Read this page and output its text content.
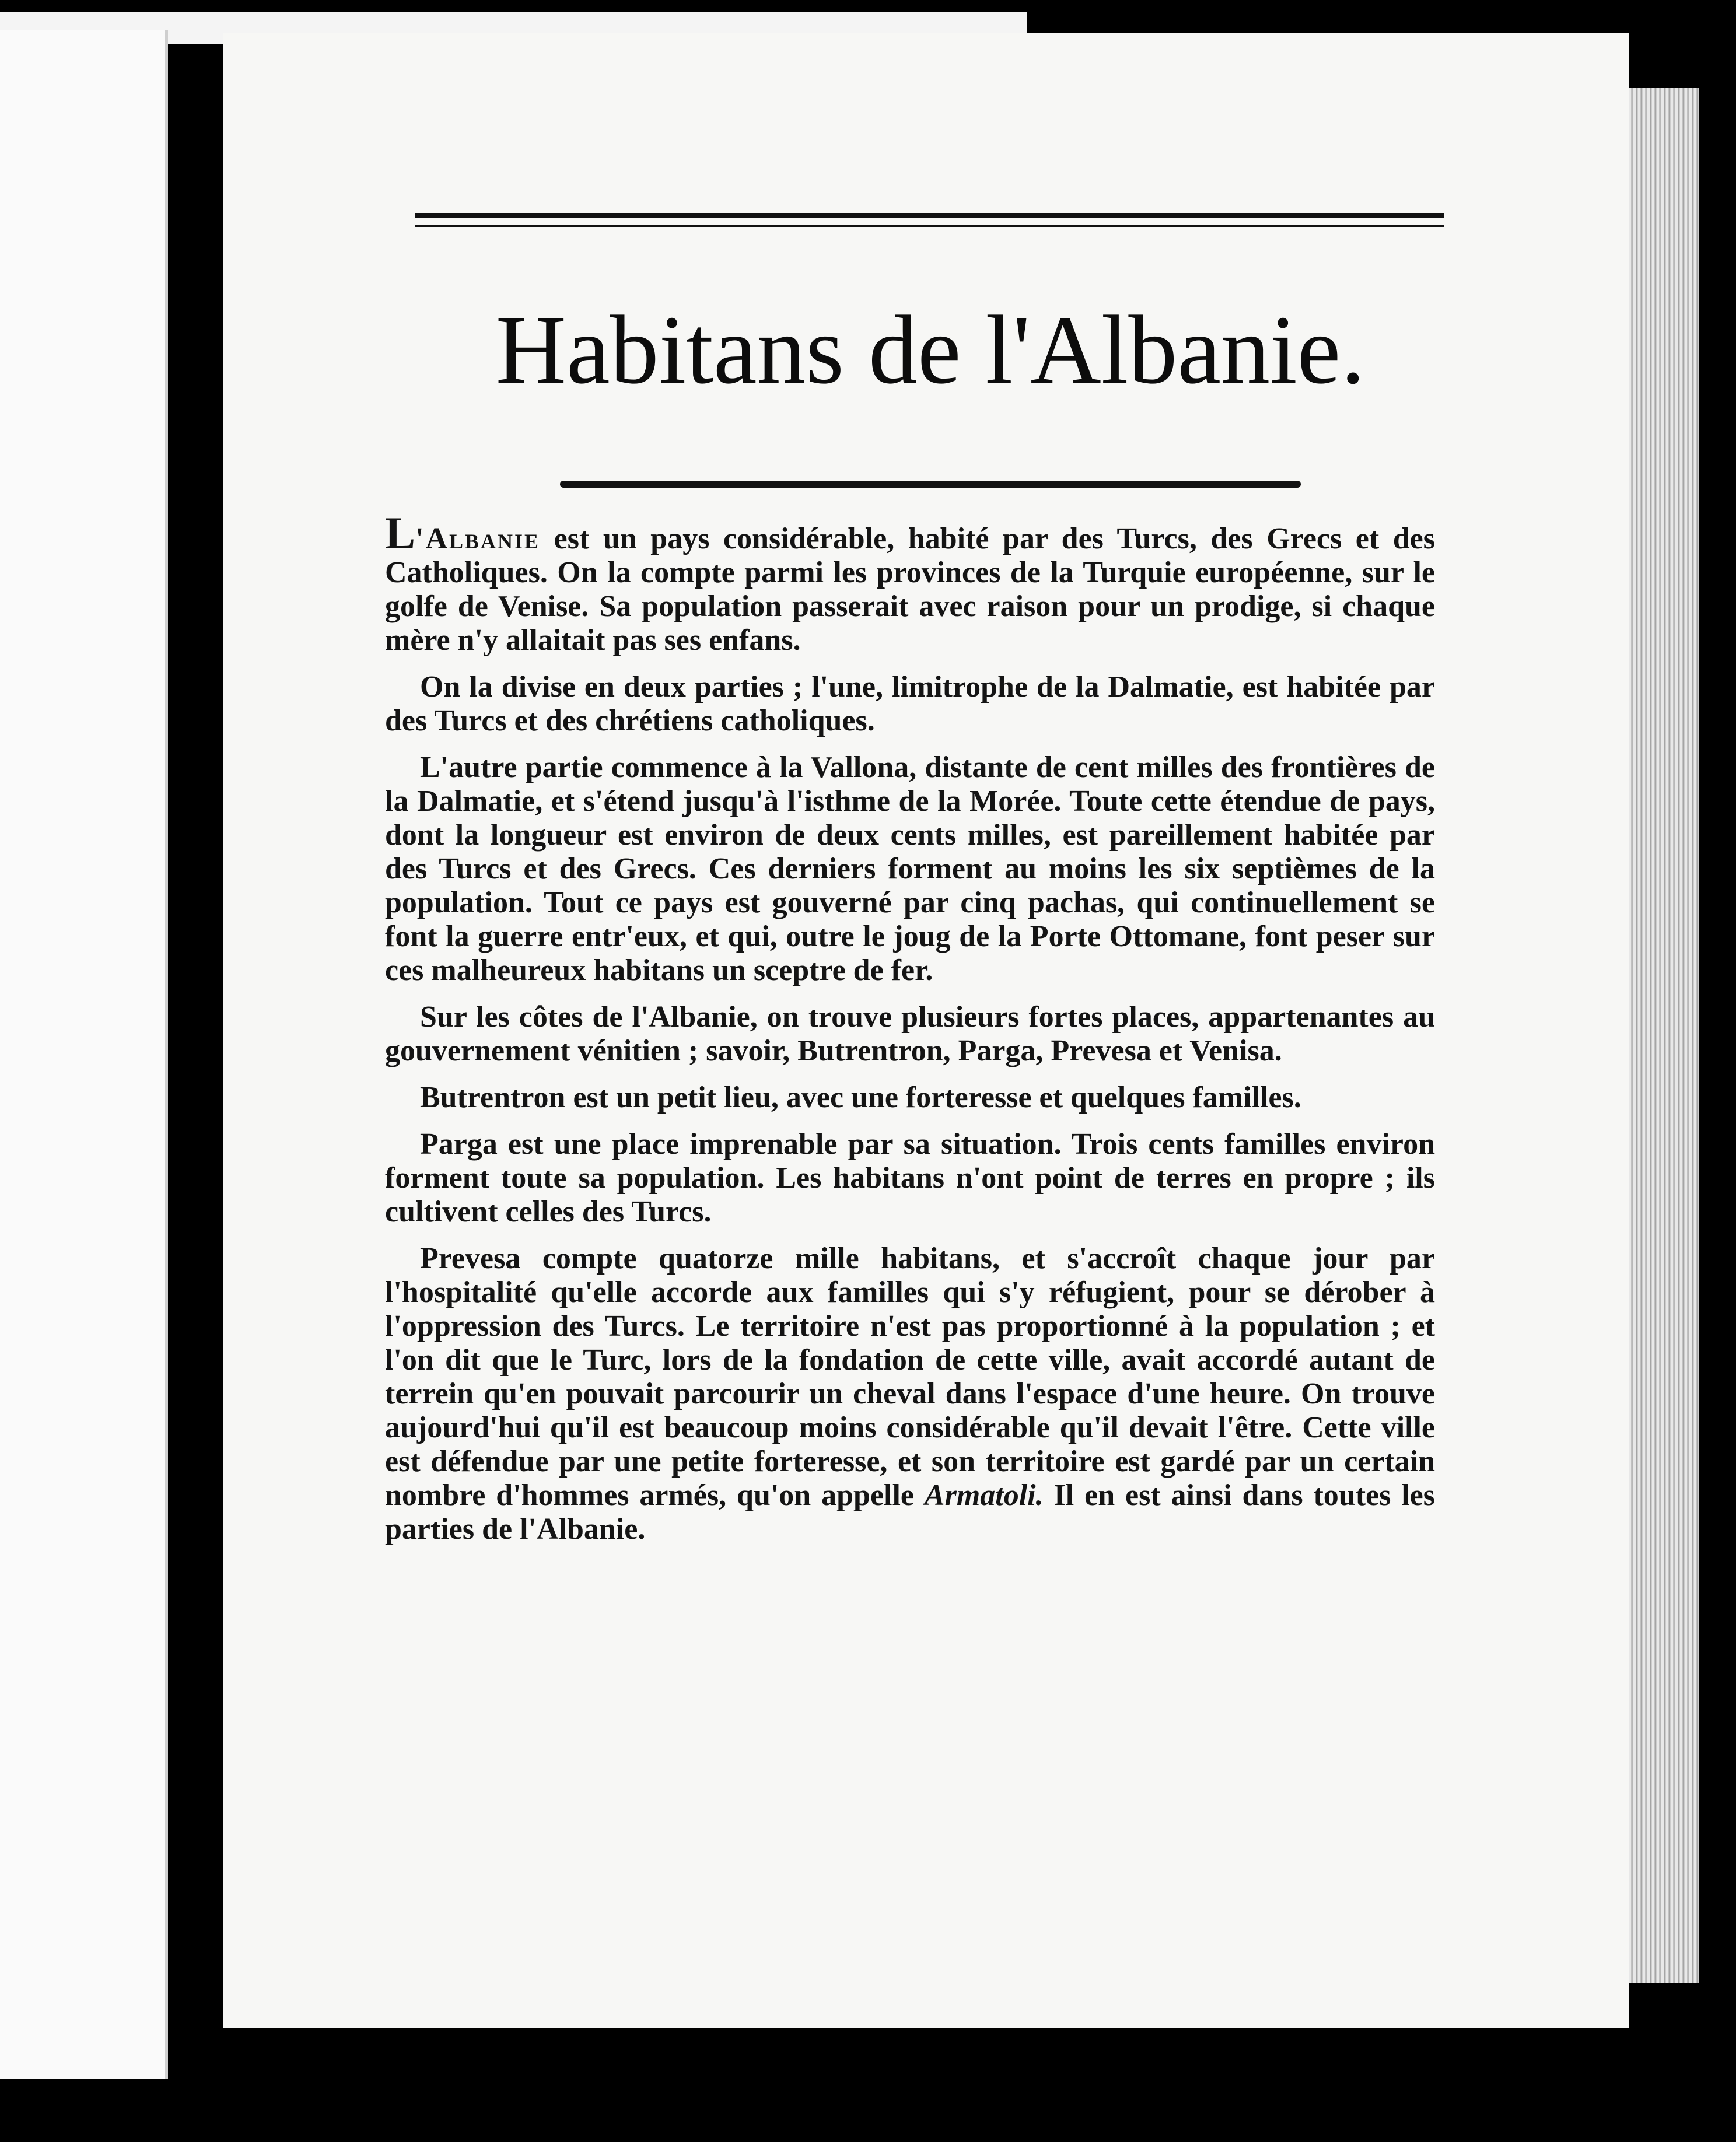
Habitans de l'Albanie.

L'Albanie est un pays considérable, habité par des Turcs, des Grecs et des Catholiques. On la compte parmi les provinces de la Turquie européenne, sur le golfe de Venise. Sa population passerait avec raison pour un prodige, si chaque mère n'y allaitait pas ses enfans.

On la divise en deux parties ; l'une, limitrophe de la Dalmatie, est habitée par des Turcs et des chrétiens catholiques.

L'autre partie commence à la Vallona, distante de cent milles des frontières de la Dalmatie, et s'étend jusqu'à l'isthme de la Morée. Toute cette étendue de pays, dont la longueur est environ de deux cents milles, est pareillement habitée par des Turcs et des Grecs. Ces derniers forment au moins les six septièmes de la population. Tout ce pays est gouverné par cinq pachas, qui continuellement se font la guerre entr'eux, et qui, outre le joug de la Porte Ottomane, font peser sur ces malheureux habitans un sceptre de fer.

Sur les côtes de l'Albanie, on trouve plusieurs fortes places, appartenantes au gouvernement vénitien ; savoir, Butrentron, Parga, Prevesa et Venisa.

Butrentron est un petit lieu, avec une forteresse et quelques familles.

Parga est une place imprenable par sa situation. Trois cents familles environ forment toute sa population. Les habitans n'ont point de terres en propre ; ils cultivent celles des Turcs.

Prevesa compte quatorze mille habitans, et s'accroît chaque jour par l'hospitalité qu'elle accorde aux familles qui s'y réfugient, pour se dérober à l'oppression des Turcs. Le territoire n'est pas proportionné à la population ; et l'on dit que le Turc, lors de la fondation de cette ville, avait accordé autant de terrein qu'en pouvait parcourir un cheval dans l'espace d'une heure. On trouve aujourd'hui qu'il est beaucoup moins considérable qu'il devait l'être. Cette ville est défendue par une petite forteresse, et son territoire est gardé par un certain nombre d'hommes armés, qu'on appelle Armatoli. Il en est ainsi dans toutes les parties de l'Albanie.
